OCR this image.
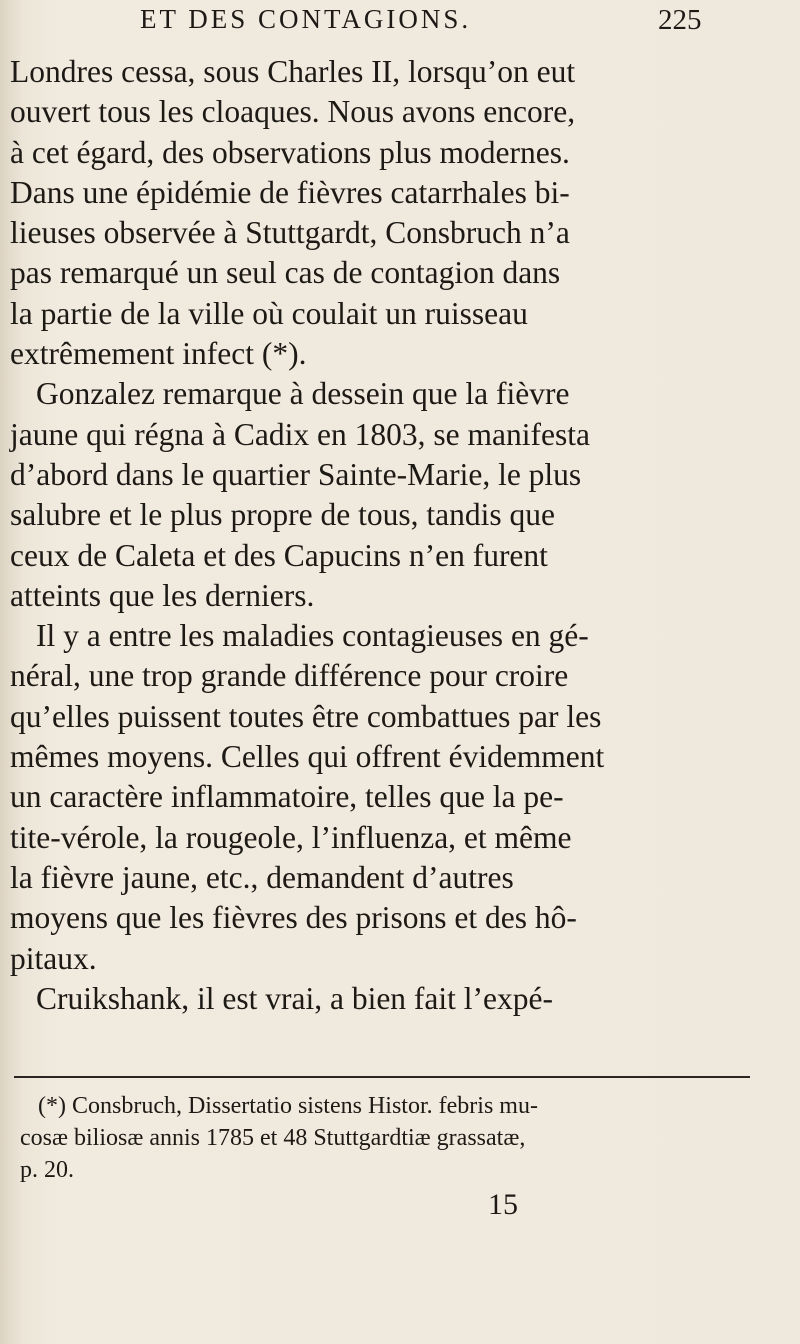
ET DES CONTAGIONS.	225
Londres cessa, sous Charles II, lorsqu’on eut
ouvert tous les cloaques. Nous avons encore,
à cet égard, des observations plus modernes.
Dans une épidémie de fièvres catarrhales bi-
lieuses observée à Stuttgardt, Consbruch n’a
pas remarqué un seul cas de contagion dans
la partie de la ville où coulait un ruisseau
extrêmement infect (*).
Gonzalez remarque à dessein que la fièvre
jaune qui régna à Cadix en 1803, se manifesta
d’abord dans le quartier Sainte-Marie, le plus
salubre et le plus propre de tous, tandis que
ceux de Caleta et des Capucins n’en furent
atteints que les derniers.
Il y a entre les maladies contagieuses en gé-
néral, une trop grande différence pour croire
qu’elles puissent toutes être combattues par les
mêmes moyens. Celles qui offrent évidemment
un caractère inflammatoire, telles que la pe-
tite-vérole, la rougeole, l’influenza, et même
la fièvre jaune, etc., demandent d’autres
moyens que les fièvres des prisons et des hô-
pitaux.
Cruikshank, il est vrai, a bien fait l’expé-
(*) Consbruch, Dissertatio sistens Histor. febris mu-
cosæ biliosæ annis 1785 et 48 Stuttgardtiæ grassatæ,
p. 20.
15
